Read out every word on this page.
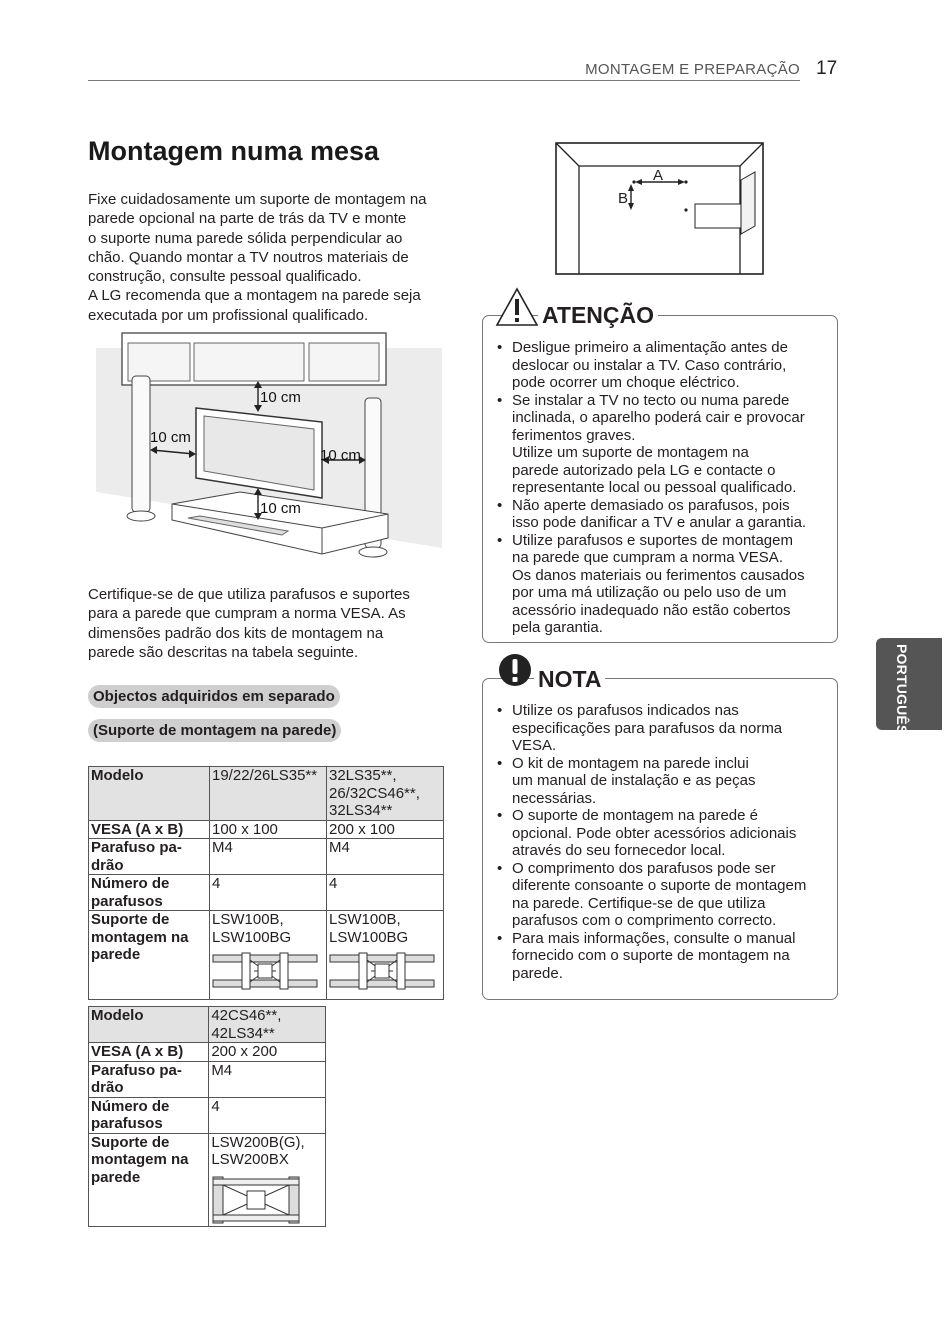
MONTAGEM E PREPARAÇÃO 17
Montagem numa mesa

Fixe cuidadosamente um suporte de montagem na
parede opcional na parte de trás da TV e monte
o suporte numa parede sólida perpendicular ao
chão. Quando montar a TV noutros materiais de
construção, consulte pessoal qualificado.
A LG recomenda que a montagem na parede seja
executada por um profissional qualificado.

10 cm
10 cm
10 cm
10 cm

Certifique-se de que utiliza parafusos e suportes
para a parede que cumpram a norma VESA. As
dimensões padrão dos kits de montagem na
parede são descritas na tabela seguinte.

Objectos adquiridos em separado
(Suporte de montagem na parede)
Modelo	19/22/26LS35**	32LS35**,
26/32CS46**,
32LS34**
VESA (A x B)	100 x 100	200 x 100
Parafuso pa-
drão	M4	M4
Número de
parafusos	4	4
Suporte de
montagem na
parede	LSW100B,
LSW100BG	LSW100B,
LSW100BG
Modelo	42CS46**,
42LS34**
VESA (A x B)	200 x 200
Parafuso pa-
drão	M4
Número de
parafusos	4
Suporte de
montagem na
parede	LSW200B(G),
LSW200BX
A
B
ATENÇÃO
• Desligue primeiro a alimentação antes de
deslocar ou instalar a TV. Caso contrário,
pode ocorrer um choque eléctrico.
• Se instalar a TV no tecto ou numa parede
inclinada, o aparelho poderá cair e provocar
ferimentos graves.
Utilize um suporte de montagem na
parede autorizado pela LG e contacte o
representante local ou pessoal qualificado.
• Não aperte demasiado os parafusos, pois
isso pode danificar a TV e anular a garantia.
• Utilize parafusos e suportes de montagem
na parede que cumpram a norma VESA.
Os danos materiais ou ferimentos causados
por uma má utilização ou pelo uso de um
acessório inadequado não estão cobertos
pela garantia.
NOTA
• Utilize os parafusos indicados nas
especificações para parafusos da norma
VESA.
• O kit de montagem na parede inclui
um manual de instalação e as peças
necessárias.
• O suporte de montagem na parede é
opcional. Pode obter acessórios adicionais
através do seu fornecedor local.
• O comprimento dos parafusos pode ser
diferente consoante o suporte de montagem
na parede. Certifique-se de que utiliza
parafusos com o comprimento correcto.
• Para mais informações, consulte o manual
fornecido com o suporte de montagem na
parede.
PORTUGUÊS
